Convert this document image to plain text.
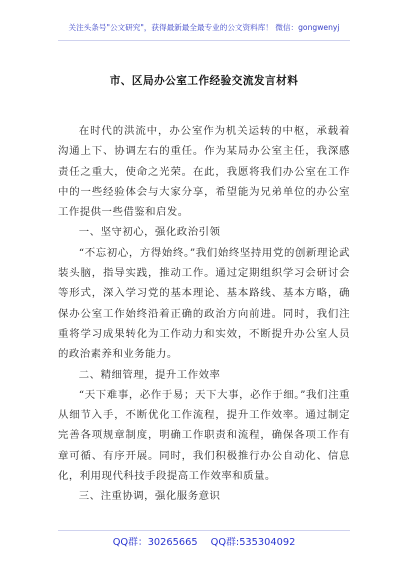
关注头条号"公文研究"，获得最新最全最专业的公文资料库！ 微信：gongwenyj
市、区局办公室工作经验交流发言材料

在时代的洪流中，办公室作为机关运转的中枢，承载着沟通上下、协调左右的重任。作为某局办公室主任，我深感责任之重大，使命之光荣。在此，我愿将我们办公室在工作中的一些经验体会与大家分享，希望能为兄弟单位的办公室工作提供一些借鉴和启发。

一、坚守初心，强化政治引领

“不忘初心，方得始终。”我们始终坚持用党的创新理论武装头脑，指导实践，推动工作。通过定期组织学习会研讨会等形式，深入学习党的基本理论、基本路线、基本方略，确保办公室工作始终沿着正确的政治方向前进。同时，我们注重将学习成果转化为工作动力和实效，不断提升办公室人员的政治素养和业务能力。

二、精细管理，提升工作效率

“天下难事，必作于易；天下大事，必作于细。”我们注重从细节入手，不断优化工作流程，提升工作效率。通过制定完善各项规章制度，明确工作职责和流程，确保各项工作有章可循、有序开展。同时，我们积极推行办公自动化、信息化，利用现代科技手段提高工作效率和质量。

三、注重协调，强化服务意识

QQ群：30265665 QQ群:535304092
